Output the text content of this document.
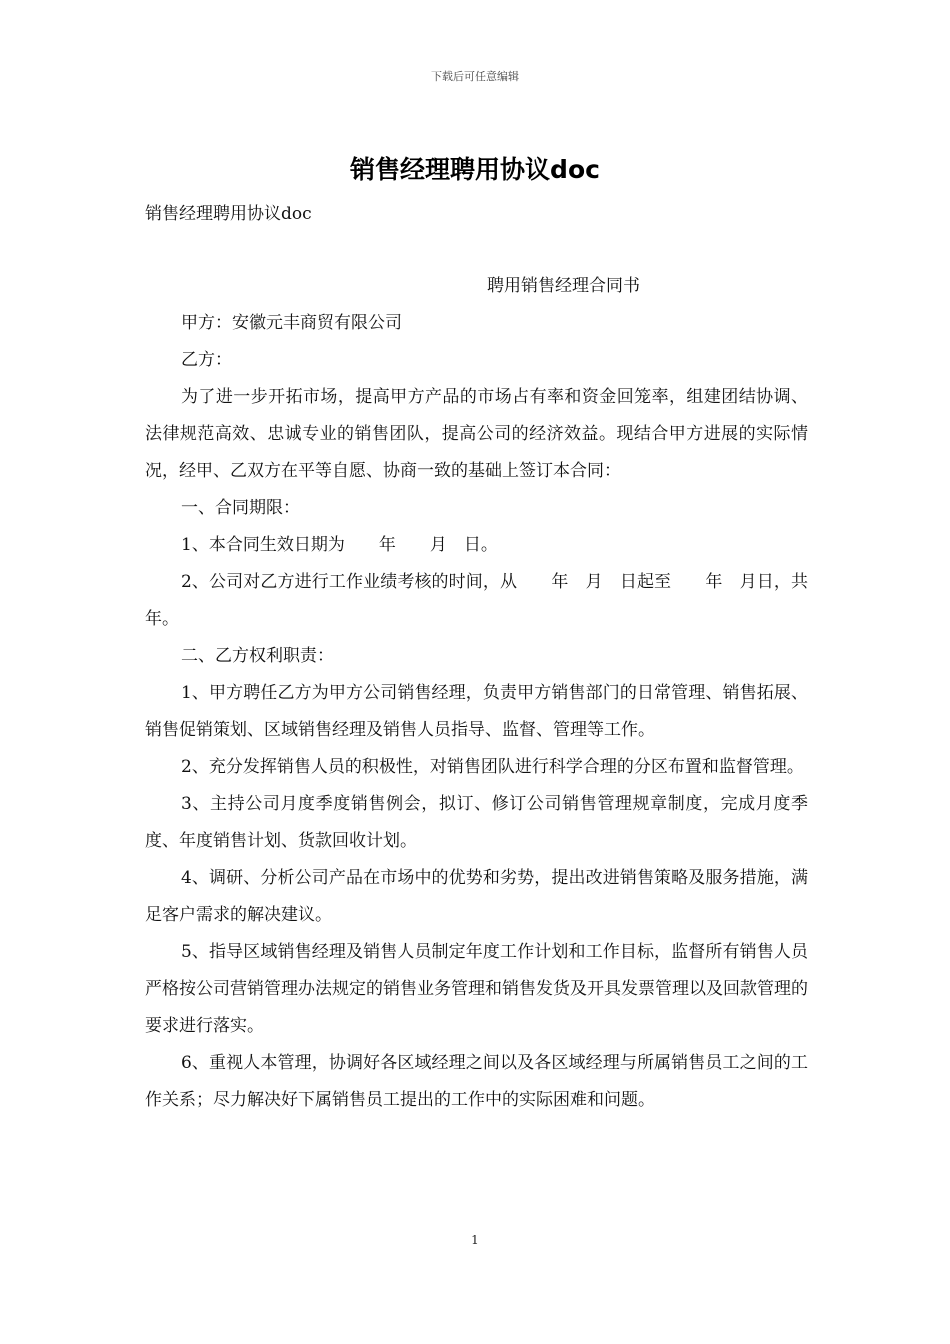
下载后可任意编辑
销售经理聘用协议doc
销售经理聘用协议doc
聘用销售经理合同书

甲方：安徽元丰商贸有限公司

乙方：

为了进一步开拓市场，提高甲方产品的市场占有率和资金回笼率，组建团结协调、法律规范高效、忠诚专业的销售团队，提高公司的经济效益。现结合甲方进展的实际情况，经甲、乙双方在平等自愿、协商一致的基础上签订本合同：

一、合同期限：

1、本合同生效日期为　　年　　月　日。

2、公司对乙方进行工作业绩考核的时间，从　　年　月　日起至　　年　月日，共　　年。

二、乙方权利职责：

1、甲方聘任乙方为甲方公司销售经理，负责甲方销售部门的日常管理、销售拓展、销售促销策划、区域销售经理及销售人员指导、监督、管理等工作。

2、充分发挥销售人员的积极性，对销售团队进行科学合理的分区布置和监督管理。

3、主持公司月度季度销售例会，拟订、修订公司销售管理规章制度，完成月度季度、年度销售计划、货款回收计划。

4、调研、分析公司产品在市场中的优势和劣势，提出改进销售策略及服务措施，满足客户需求的解决建议。

5、指导区域销售经理及销售人员制定年度工作计划和工作目标，监督所有销售人员严格按公司营销管理办法规定的销售业务管理和销售发货及开具发票管理以及回款管理的要求进行落实。

6、重视人本管理，协调好各区域经理之间以及各区域经理与所属销售员工之间的工作关系；尽力解决好下属销售员工提出的工作中的实际困难和问题。

1
